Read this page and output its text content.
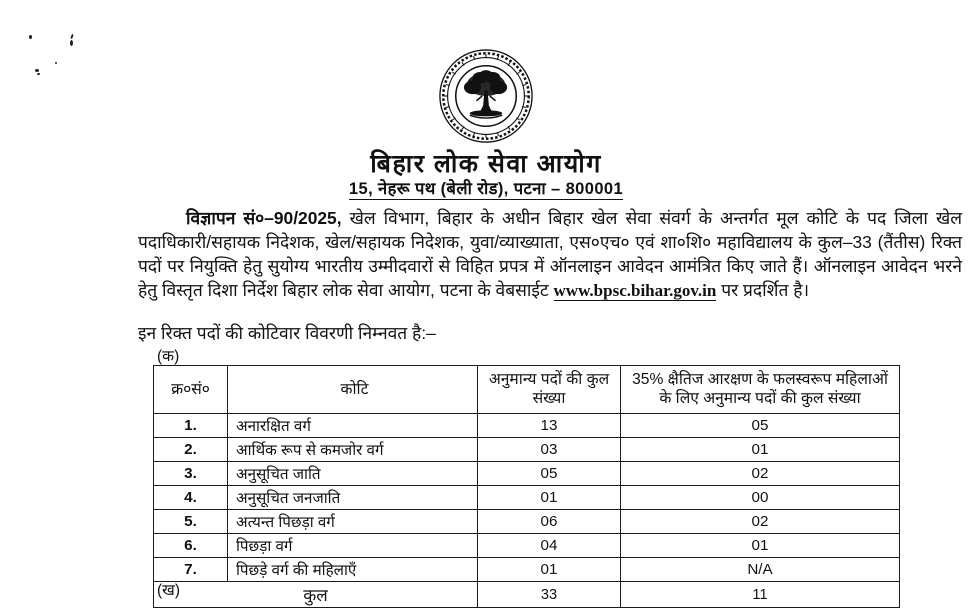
बिहार लोक सेवा आयोग
15, नेहरू पथ (बेली रोड), पटना – 800001
विज्ञापन सं०–90/2025, खेल विभाग, बिहार के अधीन बिहार खेल सेवा संवर्ग के अन्तर्गत मूल कोटि के पद जिला खेल पदाधिकारी/सहायक निदेशक, खेल/सहायक निदेशक, युवा/व्याख्याता, एस०एच० एवं शा०शि० महाविद्यालय के कुल–33 (तैंतीस) रिक्त पदों पर नियुक्ति हेतु सुयोग्य भारतीय उम्मीदवारों से विहित प्रपत्र में ऑनलाइन आवेदन आमंत्रित किए जाते हैं। ऑनलाइन आवेदन भरने हेतु विस्तृत दिशा निर्देश बिहार लोक सेवा आयोग, पटना के वेबसाईट www.bpsc.bihar.gov.in पर प्रदर्शित है।
इन रिक्त पदों की कोटिवार विवरणी निम्नवत है:–
(क)
(ख)
क्र०सं०	कोटि	अनुमान्य पदों की कुल संख्या	35% क्षैतिज आरक्षण के फलस्वरूप महिलाओं के लिए अनुमान्य पदों की कुल संख्या
1.	अनारक्षित वर्ग	13	05
2.	आर्थिक रूप से कमजोर वर्ग	03	01
3.	अनुसूचित जाति	05	02
4.	अनुसूचित जनजाति	01	00
5.	अत्यन्त पिछड़ा वर्ग	06	02
6.	पिछड़ा वर्ग	04	01
7.	पिछड़े वर्ग की महिलाएँ	01	N/A
कुल		33	11
